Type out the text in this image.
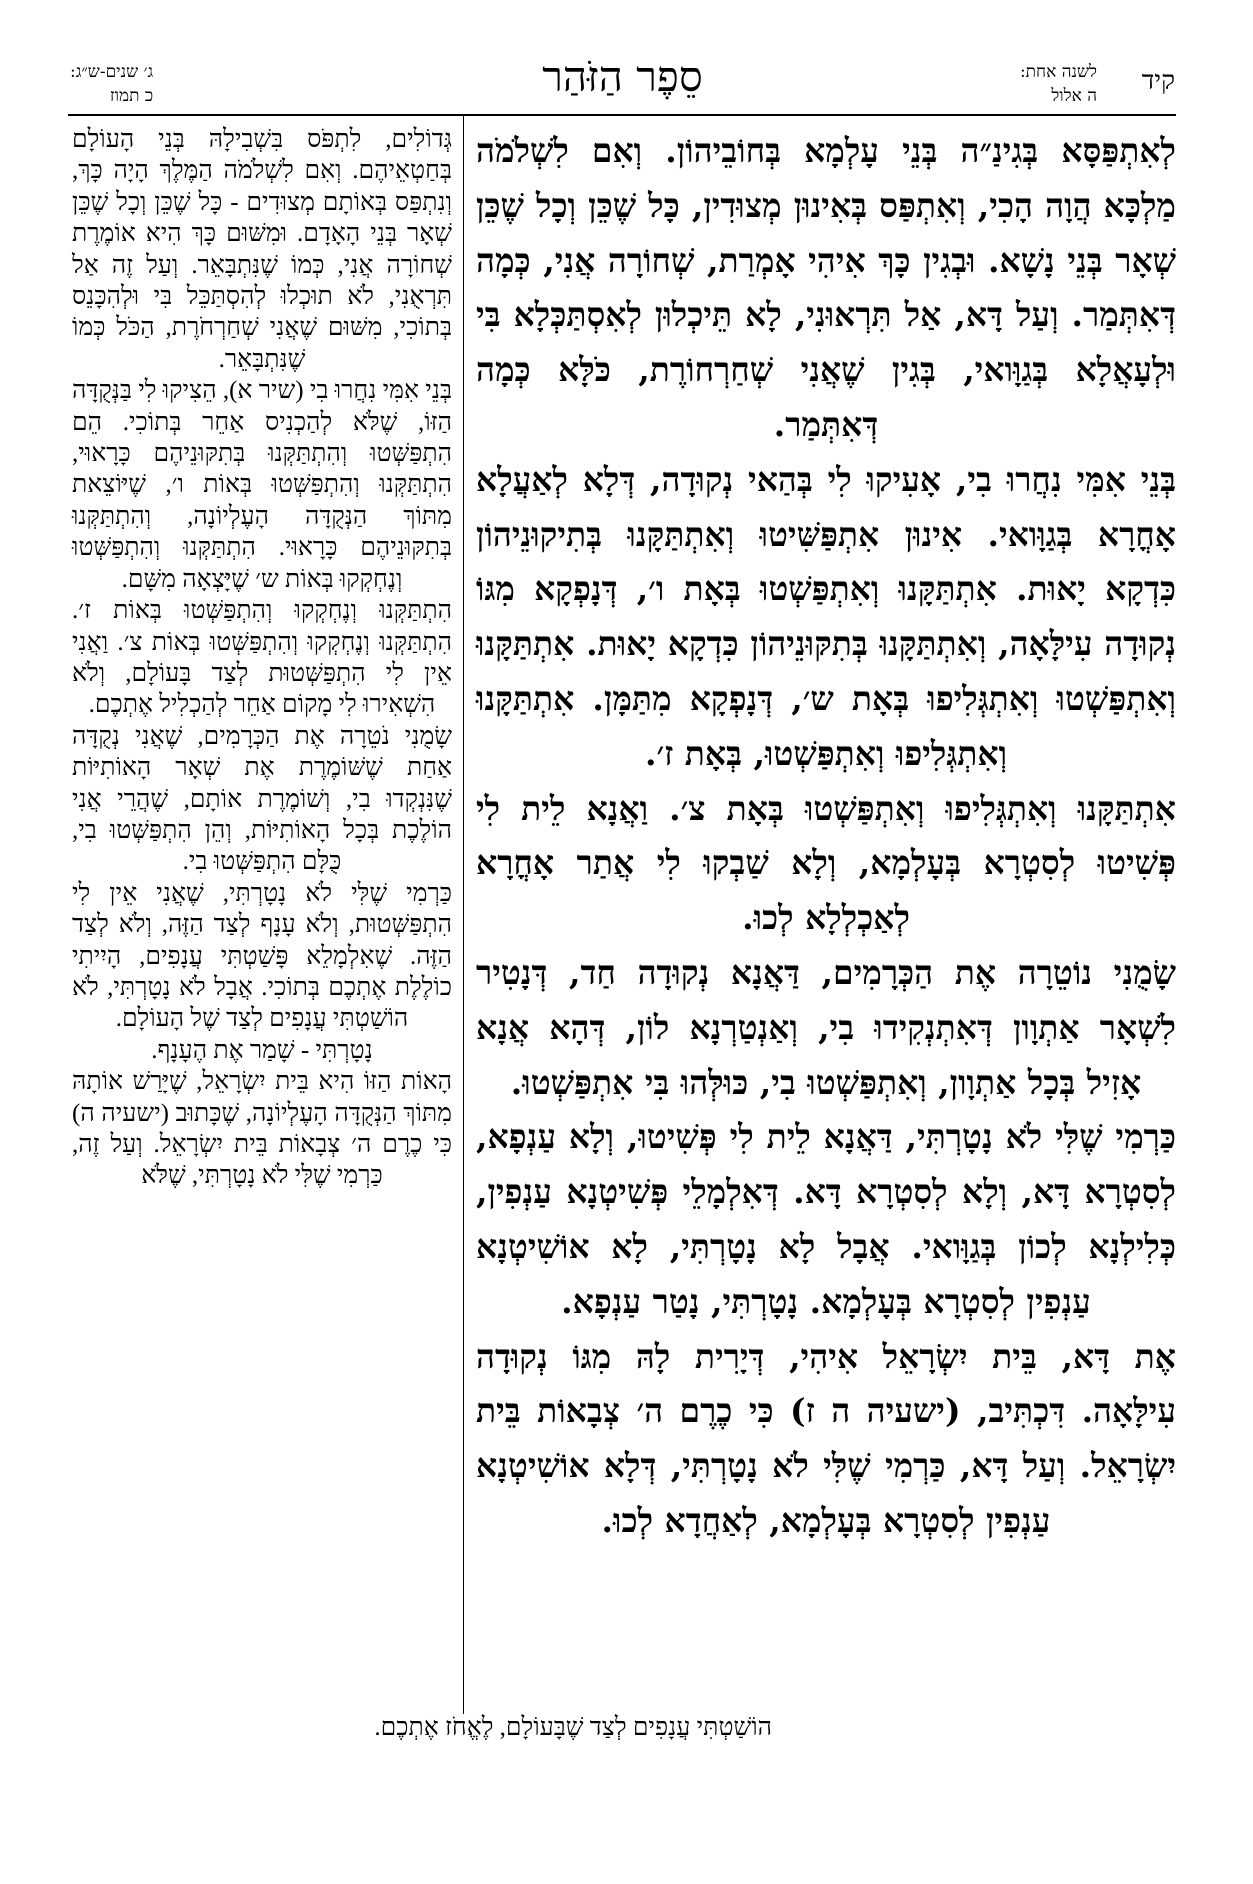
קיד
לשנה אחת:
ה אלול
סֵפֶר הַזֹּהַר
ג׳ שנים-ש״ג:
כ תמוז

לְאִתְפַּסָּא בְּגִינַ״ה בְּנֵי עָלְמָא בְּחוֹבֵיהוֹן. וְאִם לִשְׁלֹמֹה מַלְכָּא הֲוָה הָכִי, וְאִתְפַּס בְּאִינוּן מְצוּדִין, כָּל שֶׁכֵּן וְכָל שֶׁכֵּן שְׁאָר בְּנֵי נָשָׁא. וּבְגִין כָּךְ אִיהִי אָמְרַת, שְׁחוֹרָה אֲנִי, כְּמָה דְּאִתְּמַר. וְעַל דָּא, אַל תִּרְאוּנִי, לָא תֵּיכְלוּן לְאִסְתַּכְּלָא בִּי וּלְעָאֲלָא בְּגַוָּואי, בְּגִין שֶׁאֲנִי שְׁחַרְחוֹרֶת, כֹּלָּא כְּמָה דְּאִתְּמַר.

בְּנֵי אִמִּי נִחֲרוּ בִי, אָעִיקוּ לִי בְּהַאי נְקוּדָה, דְּלָא לְאַעֲלָא אָחֳרָא בְּגַוָּואי. אִינוּן אִתְפַּשִּׁיטוּ וְאִתְתַּקָּנוּ בְּתִיקוּנֵיהוֹן כִּדְקָא יָאוּת. אִתְתַּקָּנוּ וְאִתְפַּשְׁטוּ בְּאָת ו׳, דְּנָפְקָא מִגּוֹ נְקוּדָה עִילָּאָה, וְאִתְתַּקָּנוּ בְּתִקּוּנֵיהוֹן כִּדְקָא יָאוּת. אִתְתַּקָּנוּ וְאִתְפַּשְׁטוּ וְאִתְגְּלִיפוּ בְּאָת ש׳, דְּנָפְקָא מִתַּמָּן. אִתְתַּקָּנוּ וְאִתְגְּלִיפוּ וְאִתְפַּשְׁטוּ, בְּאָת ז׳.

אִתְתַּקָּנוּ וְאִתְגְּלִיפוּ וְאִתְפַּשְׁטוּ בְּאָת צ׳. וַאֲנָא לֵית לִי פְּשִׁיטוּ לְסִטְרָא בְּעָלְמָא, וְלָא שַׁבְקוּ לִי אֲתַר אָחֳרָא לְאַכְלְלָא לְכוּ.

שָׂמֻנִי נוֹטֵרָה אֶת הַכְּרָמִים, דַּאֲנָא נְקוּדָה חַד, דְּנָטִיר לִשְׁאָר אַתְוָון דְּאִתְנְקִידוּ בִי, וְאַנְטַרְנָא לוֹן, דְּהָא אֲנָא אָזִיל בְּכָל אַתְוָון, וְאִתְפַּשְׁטוּ בִי, כּוּלְּהוּ בִּי אִתְפַּשְׁטוּ.

כַּרְמִי שֶׁלִּי לֹא נָטָרְתִּי, דַּאֲנָא לֵית לִי פְּשִׁיטוּ, וְלָא עַנְפָא, לְסִטְרָא דָּא, וְלָא לְסִטְרָא דָּא. דְּאִלְמָלֵי פְּשִׁיטְנָא עַנְפִין, כְּלִילְנָא לְכוֹן בְּגַוָּואי. אֲבָל לָא נָטָרְתִּי, לָא אוֹשִׁיטְנָא עַנְפִין לְסִטְרָא בְּעָלְמָא. נָטָרְתִּי, נָטַר עַנְפָא.

אֶת דָּא, בֵּית יִשְׂרָאֵל אִיהִי, דְּיָרִית לָהּ מִגּוֹ נְקוּדָה עִילָּאָה. דִּכְתִּיב, (ישעיה ה ז) כִּי כֶרֶם ה׳ צְבָאוֹת בֵּית יִשְׂרָאֵל. וְעַל דָּא, כַּרְמִי שֶׁלִּי לֹא נָטָרְתִּי, דְּלָא אוֹשִׁיטְנָא עַנְפִין לְסִטְרָא בְּעָלְמָא, לְאַחֲדָא לְכוּ.

גְּדוֹלִים, לִתְפֹּס בִּשְׁבִילָהּ בְּנֵי הָעוֹלָם בְּחַטְאֵיהֶם. וְאִם לִשְׁלֹמֹה הַמֶּלֶךְ הָיָה כָּךְ, וְנִתְפַּס בְּאוֹתָם מְצוּדִים - כָּל שֶׁכֵּן וְכָל שֶׁכֵּן שְׁאָר בְּנֵי הָאָדָם. וּמִשּׁוּם כָּךְ הִיא אוֹמֶרֶת שְׁחוֹרָה אֲנִי, כְּמוֹ שֶׁנִּתְבָּאֵר. וְעַל זֶה אַל תִּרְאֻנִי, לֹא תוּכְלוּ לְהִסְתַּכֵּל בִּי וּלְהִכָּנֵס בְּתוֹכִי, מִשּׁוּם שֶׁאֲנִי שְׁחַרְחֹרֶת, הַכֹּל כְּמוֹ שֶׁנִּתְבָּאֵר.

בְּנֵי אִמִּי נִחֲרוּ בִי (שיר א), הֵצִיקוּ לִי בַּנְּקֻדָּה הַזּוֹ, שֶׁלֹּא לְהַכְנִיס אַחֵר בְּתוֹכִי. הֵם הִתְפַּשְּׁטוּ וְהִתְתַּקְּנוּ בְּתִקּוּנֵיהֶם כָּרָאוּי, הִתְתַּקְּנוּ וְהִתְפַּשְּׁטוּ בְּאוֹת ו׳, שֶׁיּוֹצֵאת מִתּוֹךְ הַנְּקֻדָּה הָעֶלְיוֹנָה, וְהִתְתַּקְּנוּ בְּתִקּוּנֵיהֶם כָּרָאוּי. הִתְתַּקְּנוּ וְהִתְפַּשְּׁטוּ וְנֶחְקְקוּ בְּאוֹת ש׳ שֶׁיָּצְאָה מִשָּׁם.

הִתְתַּקְּנוּ וְנֶחְקְקוּ וְהִתְפַּשְּׁטוּ בְּאוֹת ז׳. הִתְתַּקְּנוּ וְנֶחְקְקוּ וְהִתְפַּשְּׁטוּ בְּאוֹת צ׳. וַאֲנִי אֵין לִי הִתְפַּשְּׁטוּת לְצַד בָּעוֹלָם, וְלֹא הִשְׁאִירוּ לִי מָקוֹם אַחֵר לְהַכְלִיל אֶתְכֶם.

שָׂמֻנִי נֹטֵרָה אֶת הַכְּרָמִים, שֶׁאֲנִי נְקֻדָּה אַחַת שֶׁשּׁוֹמֶרֶת אֶת שְׁאָר הָאוֹתִיּוֹת שֶׁנִּנְקְדוּ בִי, וְשׁוֹמֶרֶת אוֹתָם, שֶׁהֲרֵי אֲנִי הוֹלֶכֶת בְּכָל הָאוֹתִיּוֹת, וְהֵן הִתְפַּשְּׁטוּ בִי, כֻּלָּם הִתְפַּשְּׁטוּ בִי.

כַּרְמִי שֶׁלִּי לֹא נָטָרְתִּי, שֶׁאֲנִי אֵין לִי הִתְפַּשְּׁטוּת, וְלֹא עָנָף לְצַד הַזֶּה, וְלֹא לְצַד הַזֶּה. שֶׁאִלְמָלֵא פָּשַׁטְתִּי עֲנָפִים, הָיִיתִי כוֹלֶלֶת אֶתְכֶם בְּתוֹכִי. אֲבָל לֹא נָטָרְתִּי, לֹא הוֹשַׁטְתִּי עֲנָפִים לְצַד שֶׁל הָעוֹלָם.

נָטָרְתִּי - שָׁמַר אֶת הֶעָנָף.

הָאוֹת הַזּוֹ הִיא בֵּית יִשְׂרָאֵל, שֶׁיָּרַשׁ אוֹתָהּ מִתּוֹךְ הַנְּקֻדָּה הָעֶלְיוֹנָה, שֶׁכָּתוּב (ישעיה ה) כִּי כֶרֶם ה׳ צְבָאוֹת בֵּית יִשְׂרָאֵל. וְעַל זֶה, כַּרְמִי שֶׁלִּי לֹא נָטָרְתִּי, שֶׁלֹּא

הוֹשַׁטְתִּי עֲנָפִים לְצַד שֶׁבָּעוֹלָם, לֶאֱחֹז אֶתְכֶם.
